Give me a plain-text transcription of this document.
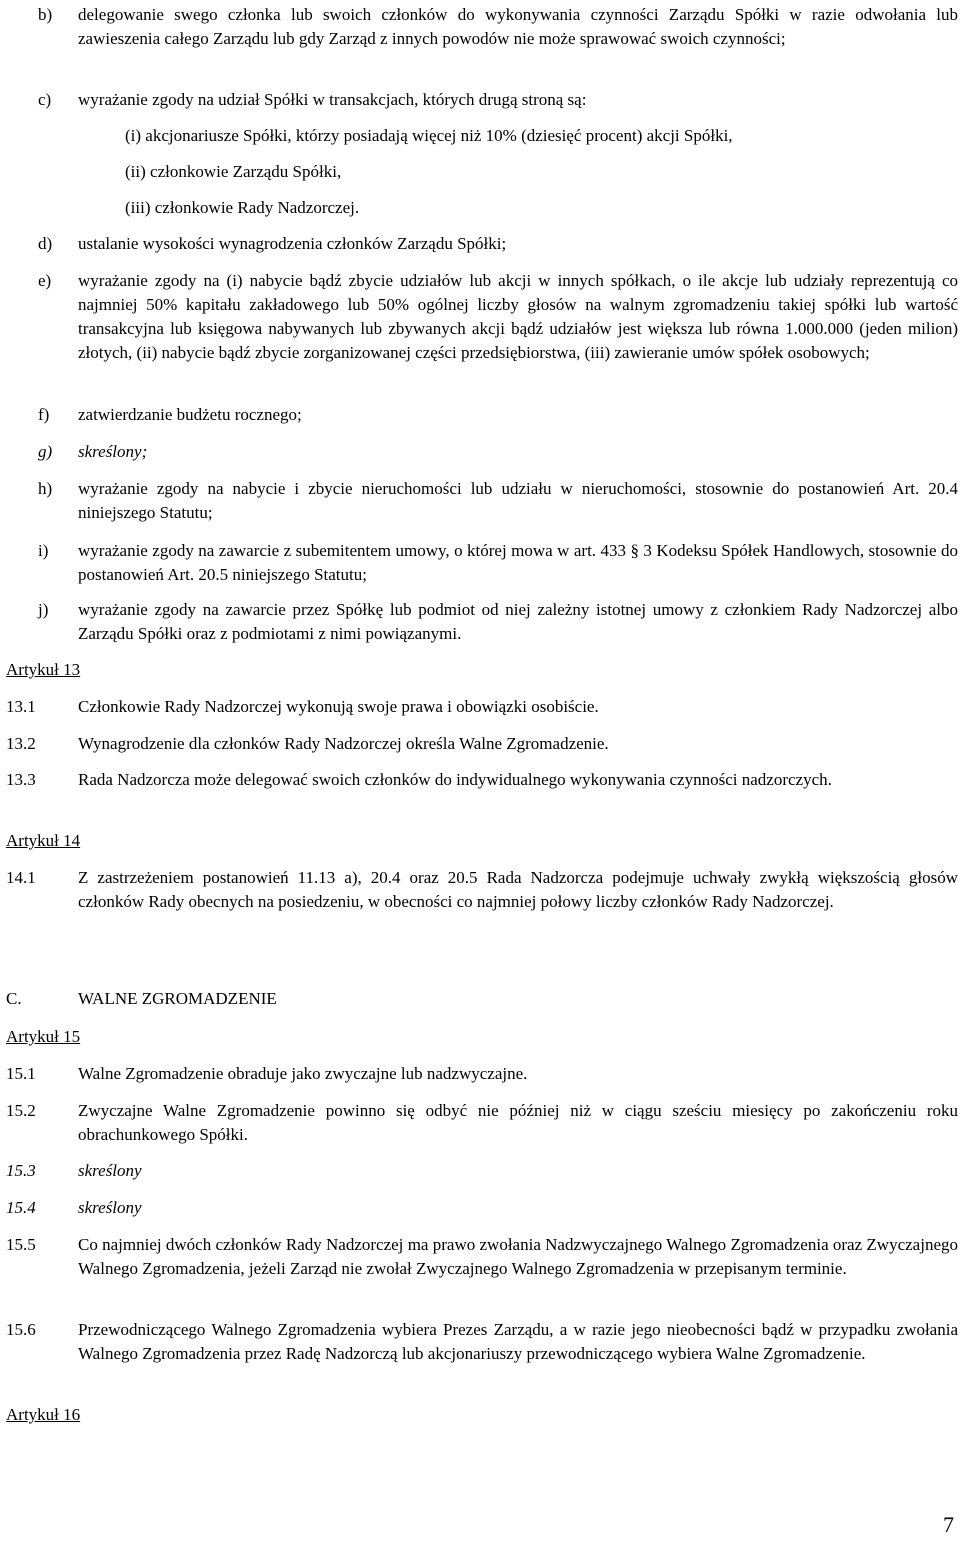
b) delegowanie swego członka lub swoich członków do wykonywania czynności Zarządu Spółki w razie odwołania lub zawieszenia całego Zarządu lub gdy Zarząd z innych powodów nie może sprawować swoich czynności;
c) wyrażanie zgody na udział Spółki w transakcjach, których drugą stroną są:
(i) akcjonariusze Spółki, którzy posiadają więcej niż 10% (dziesięć procent) akcji Spółki,
(ii) członkowie Zarządu Spółki,
(iii) członkowie Rady Nadzorczej.
d) ustalanie wysokości wynagrodzenia członków Zarządu Spółki;
e) wyrażanie zgody na (i) nabycie bądź zbycie udziałów lub akcji w innych spółkach, o ile akcje lub udziały reprezentują co najmniej 50% kapitału zakładowego lub 50% ogólnej liczby głosów na walnym zgromadzeniu takiej spółki lub wartość transakcyjna lub księgowa nabywanych lub zbywanych akcji bądź udziałów jest większa lub równa 1.000.000 (jeden milion) złotych, (ii) nabycie bądź zbycie zorganizowanej części przedsiębiorstwa, (iii) zawieranie umów spółek osobowych;
f) zatwierdzanie budżetu rocznego;
g) skreślony;
h) wyrażanie zgody na nabycie i zbycie nieruchomości lub udziału w nieruchomości, stosownie do postanowień Art. 20.4 niniejszego Statutu;
i) wyrażanie zgody na zawarcie z subemitentem umowy, o której mowa w art. 433 § 3 Kodeksu Spółek Handlowych, stosownie do postanowień Art. 20.5 niniejszego Statutu;
j) wyrażanie zgody na zawarcie przez Spółkę lub podmiot od niej zależny istotnej umowy z członkiem Rady Nadzorczej albo Zarządu Spółki oraz z podmiotami z nimi powiązanymi.
Artykuł 13
13.1 Członkowie Rady Nadzorczej wykonują swoje prawa i obowiązki osobiście.
13.2 Wynagrodzenie dla członków Rady Nadzorczej określa Walne Zgromadzenie.
13.3 Rada Nadzorcza może delegować swoich członków do indywidualnego wykonywania czynności nadzorczych.
Artykuł 14
14.1 Z zastrzeżeniem postanowień 11.13 a), 20.4 oraz 20.5 Rada Nadzorcza podejmuje uchwały zwykłą większością głosów członków Rady obecnych na posiedzeniu, w obecności co najmniej połowy liczby członków Rady Nadzorczej.
C.	WALNE ZGROMADZENIE
Artykuł 15
15.1 Walne Zgromadzenie obraduje jako zwyczajne lub nadzwyczajne.
15.2 Zwyczajne Walne Zgromadzenie powinno się odbyć nie później niż w ciągu sześciu miesięcy po zakończeniu roku obrachunkowego Spółki.
15.3 skreślony
15.4 skreślony
15.5 Co najmniej dwóch członków Rady Nadzorczej ma prawo zwołania Nadzwyczajnego Walnego Zgromadzenia oraz Zwyczajnego Walnego Zgromadzenia, jeżeli Zarząd nie zwołał Zwyczajnego Walnego Zgromadzenia w przepisanym terminie.
15.6 Przewodniczącego Walnego Zgromadzenia wybiera Prezes Zarządu, a w razie jego nieobecności bądź w przypadku zwołania Walnego Zgromadzenia przez Radę Nadzorczą lub akcjonariuszy przewodniczącego wybiera Walne Zgromadzenie.
Artykuł 16
7
